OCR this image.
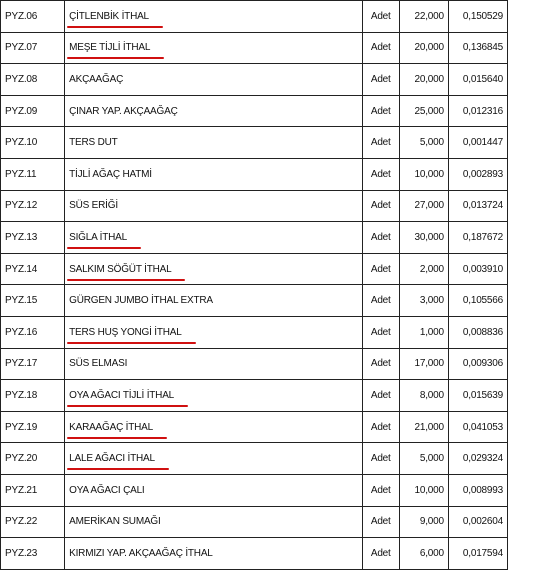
PYZ.06	ÇİTLENBİK İTHAL	Adet	22,000	0,150529
PYZ.07	MEŞE TİJLİ İTHAL	Adet	20,000	0,136845
PYZ.08	AKÇAAĞAÇ	Adet	20,000	0,015640
PYZ.09	ÇINAR YAP. AKÇAAĞAÇ	Adet	25,000	0,012316
PYZ.10	TERS DUT	Adet	5,000	0,001447
PYZ.11	TİJLİ AĞAÇ HATMİ	Adet	10,000	0,002893
PYZ.12	SÜS ERİĞİ	Adet	27,000	0,013724
PYZ.13	SIĞLA İTHAL	Adet	30,000	0,187672
PYZ.14	SALKIM SÖĞÜT İTHAL	Adet	2,000	0,003910
PYZ.15	GÜRGEN JUMBO İTHAL EXTRA	Adet	3,000	0,105566
PYZ.16	TERS HUŞ YONGİ İTHAL	Adet	1,000	0,008836
PYZ.17	SÜS ELMASI	Adet	17,000	0,009306
PYZ.18	OYA AĞACI TİJLİ İTHAL	Adet	8,000	0,015639
PYZ.19	KARAAĞAÇ İTHAL	Adet	21,000	0,041053
PYZ.20	LALE AĞACI İTHAL	Adet	5,000	0,029324
PYZ.21	OYA AĞACI ÇALI	Adet	10,000	0,008993
PYZ.22	AMERİKAN SUMAĞI	Adet	9,000	0,002604
PYZ.23	KIRMIZI YAP. AKÇAAĞAÇ İTHAL	Adet	6,000	0,017594
